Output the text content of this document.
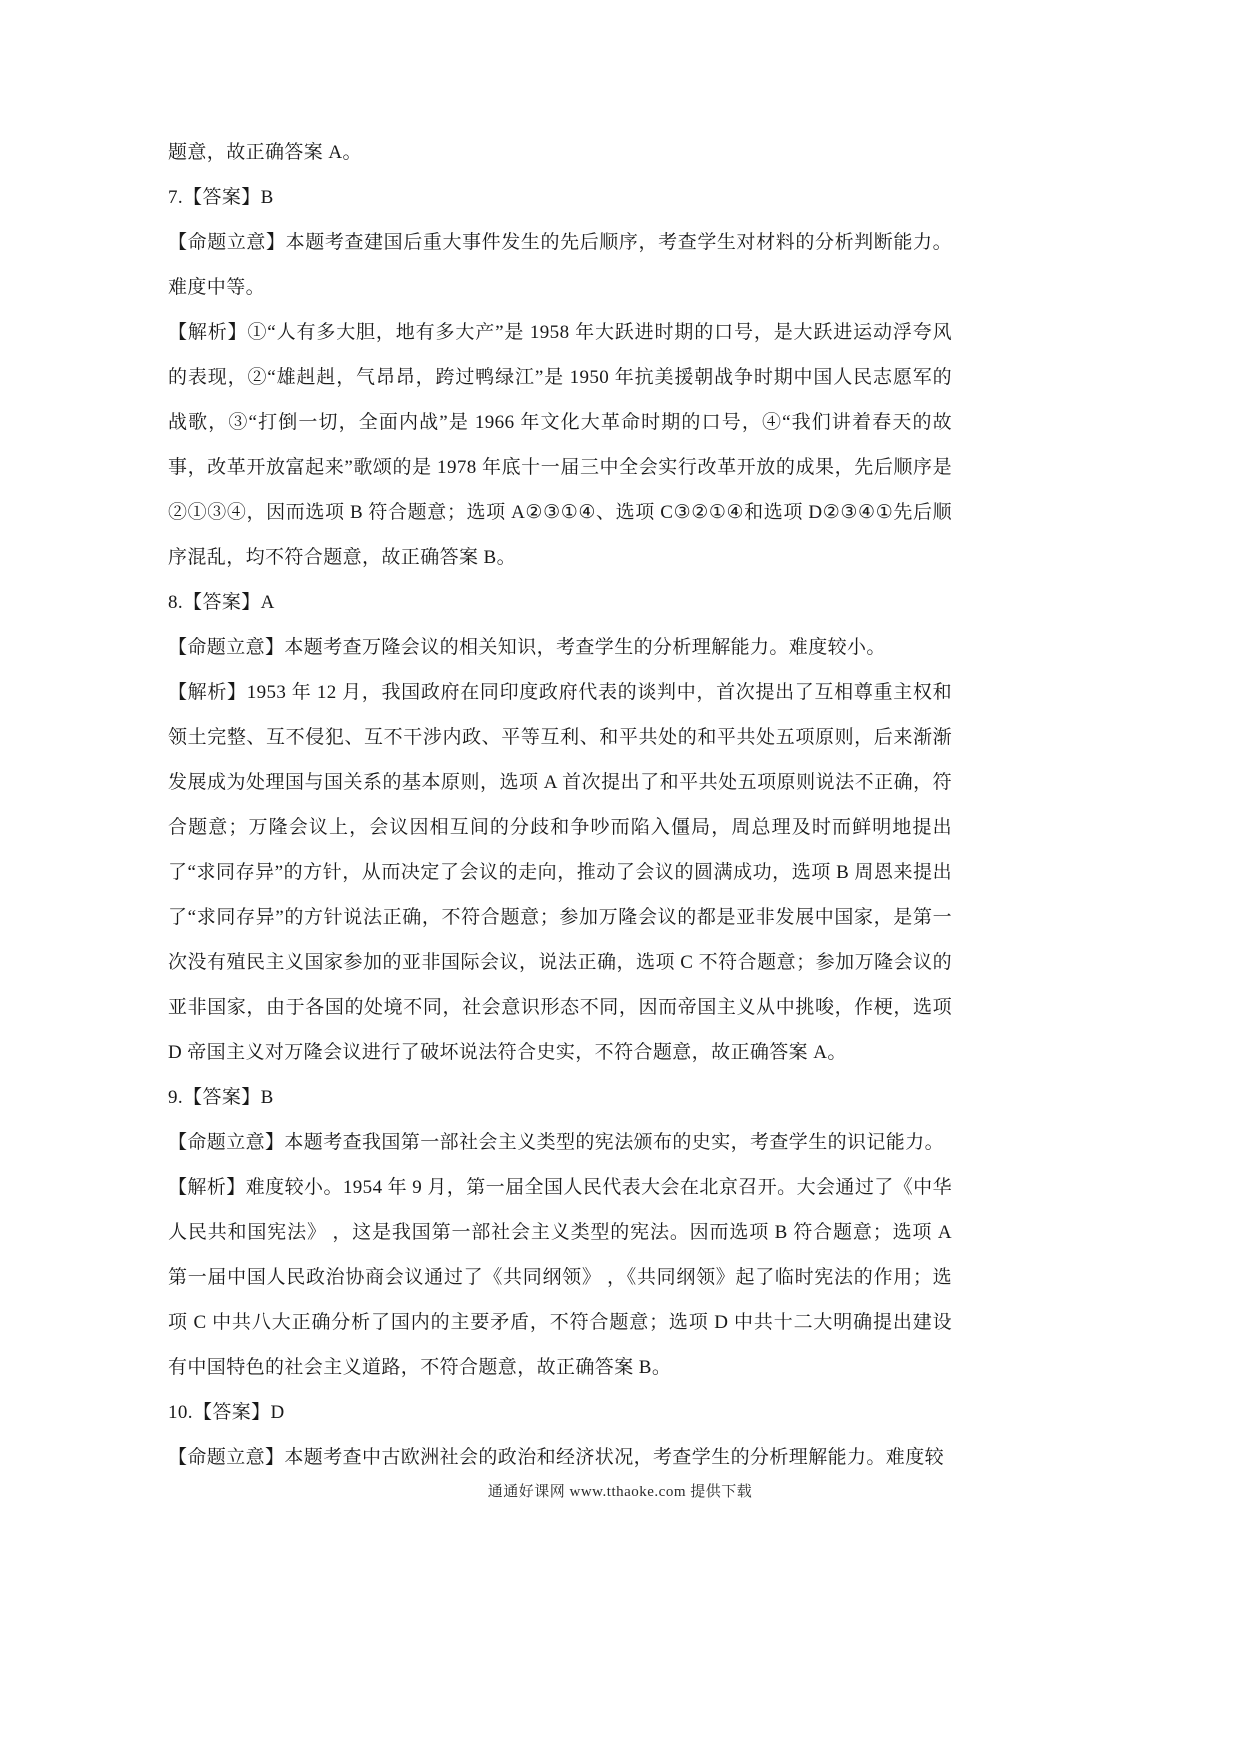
题意，故正确答案 A。

7.【答案】B

【命题立意】本题考查建国后重大事件发生的先后顺序，考查学生对材料的分析判断能力。难度中等。

【解析】①“人有多大胆，地有多大产”是 1958 年大跃进时期的口号，是大跃进运动浮夸风的表现，②“雄赳赳，气昂昂，跨过鸭绿江”是 1950 年抗美援朝战争时期中国人民志愿军的战歌，③“打倒一切，全面内战”是 1966 年文化大革命时期的口号，④“我们讲着春天的故事，改革开放富起来”歌颂的是 1978 年底十一届三中全会实行改革开放的成果，先后顺序是②①③④，因而选项 B 符合题意；选项 A②③①④、选项 C③②①④和选项 D②③④①先后顺序混乱，均不符合题意，故正确答案 B。

8.【答案】A

【命题立意】本题考查万隆会议的相关知识，考查学生的分析理解能力。难度较小。

【解析】1953 年 12 月，我国政府在同印度政府代表的谈判中，首次提出了互相尊重主权和领土完整、互不侵犯、互不干涉内政、平等互利、和平共处的和平共处五项原则，后来渐渐发展成为处理国与国关系的基本原则，选项 A 首次提出了和平共处五项原则说法不正确，符合题意；万隆会议上，会议因相互间的分歧和争吵而陷入僵局，周总理及时而鲜明地提出了“求同存异”的方针，从而决定了会议的走向，推动了会议的圆满成功，选项 B 周恩来提出了“求同存异”的方针说法正确，不符合题意；参加万隆会议的都是亚非发展中国家，是第一次没有殖民主义国家参加的亚非国际会议，说法正确，选项 C 不符合题意；参加万隆会议的亚非国家，由于各国的处境不同，社会意识形态不同，因而帝国主义从中挑唆，作梗，选项 D 帝国主义对万隆会议进行了破坏说法符合史实，不符合题意，故正确答案 A。

9.【答案】B

【命题立意】本题考查我国第一部社会主义类型的宪法颁布的史实，考查学生的识记能力。

【解析】难度较小。1954 年 9 月，第一届全国人民代表大会在北京召开。大会通过了《中华人民共和国宪法》 ，这是我国第一部社会主义类型的宪法。因而选项 B 符合题意；选项 A 第一届中国人民政治协商会议通过了《共同纲领》 ，《共同纲领》起了临时宪法的作用；选项 C 中共八大正确分析了国内的主要矛盾，不符合题意；选项 D 中共十二大明确提出建设有中国特色的社会主义道路，不符合题意，故正确答案 B。

10.【答案】D

【命题立意】本题考查中古欧洲社会的政治和经济状况，考查学生的分析理解能力。难度较

通通好课网 www.tthaoke.com 提供下载
